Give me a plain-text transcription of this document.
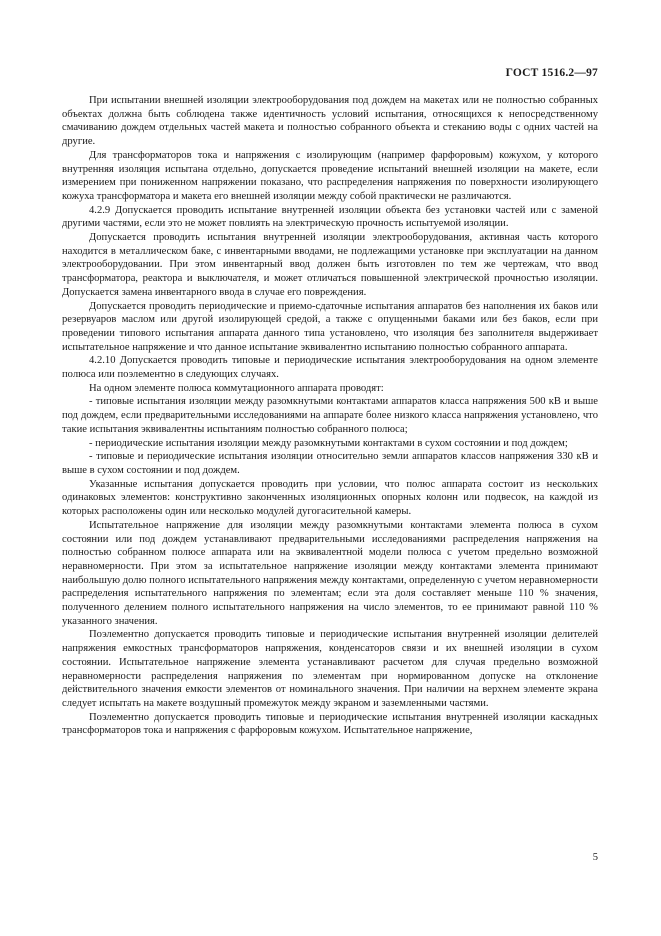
ГОСТ 1516.2—97

При испытании внешней изоляции электрооборудования под дождем на макетах или не полностью собранных объектах должна быть соблюдена также идентичность условий испытания, относящихся к непосредственному смачиванию дождем отдельных частей макета и полностью собранного объекта и стеканию воды с одних частей на другие.

Для трансформаторов тока и напряжения с изолирующим (например фарфоровым) кожухом, у которого внутренняя изоляция испытана отдельно, допускается проведение испытаний внешней изоляции на макете, если измерением при пониженном напряжении показано, что распределения напряжения по поверхности изолирующего кожуха трансформатора и макета его внешней изоляции между собой практически не различаются.

4.2.9 Допускается проводить испытание внутренней изоляции объекта без установки частей или с заменой другими частями, если это не может повлиять на электрическую прочность испытуемой изоляции.

Допускается проводить испытания внутренней изоляции электрооборудования, активная часть которого находится в металлическом баке, с инвентарными вводами, не подлежащими установке при эксплуатации на данном электрооборудовании. При этом инвентарный ввод должен быть изготовлен по тем же чертежам, что ввод трансформатора, реактора и выключателя, и может отличаться повышенной электрической прочностью изоляции. Допускается замена инвентарного ввода в случае его повреждения.

Допускается проводить периодические и приемо-сдаточные испытания аппаратов без наполнения их баков или резервуаров маслом или другой изолирующей средой, а также с опущенными баками или без баков, если при проведении типового испытания аппарата данного типа установлено, что изоляция без заполнителя выдерживает испытательное напряжение и что данное испытание эквивалентно испытанию полностью собранного аппарата.

4.2.10 Допускается проводить типовые и периодические испытания электрооборудования на одном элементе полюса или поэлементно в следующих случаях.

На одном элементе полюса коммутационного аппарата проводят:

- типовые испытания изоляции между разомкнутыми контактами аппаратов класса напряжения 500 кВ и выше под дождем, если предварительными исследованиями на аппарате более низкого класса напряжения установлено, что такие испытания эквивалентны испытаниям полностью собранного полюса;

- периодические испытания изоляции между разомкнутыми контактами в сухом состоянии и под дождем;

- типовые и периодические испытания изоляции относительно земли аппаратов классов напряжения 330 кВ и выше в сухом состоянии и под дождем.

Указанные испытания допускается проводить при условии, что полюс аппарата состоит из нескольких одинаковых элементов: конструктивно законченных изоляционных опорных колонн или подвесок, на каждой из которых расположены один или несколько модулей дугогасительной камеры.

Испытательное напряжение для изоляции между разомкнутыми контактами элемента полюса в сухом состоянии или под дождем устанавливают предварительными исследованиями распределения напряжения на полностью собранном полюсе аппарата или на эквивалентной модели полюса с учетом предельно возможной неравномерности. При этом за испытательное напряжение изоляции между контактами элемента принимают наибольшую долю полного испытательного напряжения между контактами, определенную с учетом неравномерности распределения испытательного напряжения по элементам; если эта доля составляет меньше 110 % значения, полученного делением полного испытательного напряжения на число элементов, то ее принимают равной 110 % указанного значения.

Поэлементно допускается проводить типовые и периодические испытания внутренней изоляции делителей напряжения емкостных трансформаторов напряжения, конденсаторов связи и их внешней изоляции в сухом состоянии. Испытательное напряжение элемента устанавливают расчетом для случая предельно возможной неравномерности распределения напряжения по элементам при нормированном допуске на отклонение действительного значения емкости элементов от номинального значения. При наличии на верхнем элементе экрана следует испытать на макете воздушный промежуток между экраном и заземленными частями.

Поэлементно допускается проводить типовые и периодические испытания внутренней изоляции каскадных трансформаторов тока и напряжения с фарфоровым кожухом. Испытательное напряжение,

5
